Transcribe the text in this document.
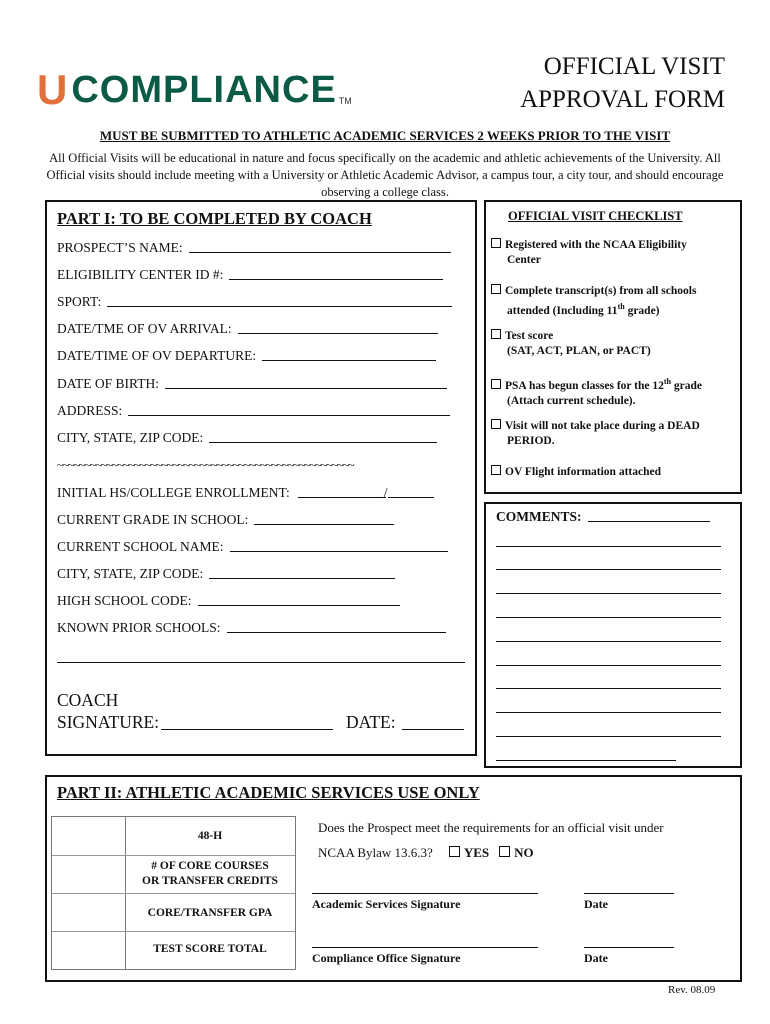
U COMPLIANCE TM
OFFICIAL VISIT
APPROVAL FORM
MUST BE SUBMITTED TO ATHLETIC ACADEMIC SERVICES 2 WEEKS PRIOR TO THE VISIT
All Official Visits will be educational in nature and focus specifically on the academic and athletic achievements of the University. All Official visits should include meeting with a University or Athletic Academic Advisor, a campus tour, a city tour, and should encourage observing a college class.
PART I: TO BE COMPLETED BY COACH
PROSPECT’S NAME:
ELIGIBILITY CENTER ID #:
SPORT:
DATE/TME OF OV ARRIVAL:
DATE/TIME OF OV DEPARTURE:
DATE OF BIRTH:
ADDRESS:
CITY, STATE, ZIP CODE:
~~~~~~~~~~~~~~~~~~~~~~~~~~~~~~~~~~~~~~~~~~~~~~~~~~~~~~
INITIAL HS/COLLEGE ENROLLMENT:	/
CURRENT GRADE IN SCHOOL:
CURRENT SCHOOL NAME:
CITY, STATE, ZIP CODE:
HIGH SCHOOL CODE:
KNOWN PRIOR SCHOOLS:
COACH
SIGNATURE:	DATE:
OFFICIAL VISIT CHECKLIST
Registered with the NCAA Eligibility
Center
Complete transcript(s) from all schools
attended (Including 11th grade)
Test score
(SAT, ACT, PLAN, or PACT)
PSA has begun classes for the 12th grade
(Attach current schedule).
Visit will not take place during a DEAD
PERIOD.
OV Flight information attached
COMMENTS:
PART II: ATHLETIC ACADEMIC SERVICES USE ONLY
48-H
# OF CORE COURSES
OR TRANSFER CREDITS
CORE/TRANSFER GPA
TEST SCORE TOTAL
Does the Prospect meet the requirements for an official visit under
NCAA Bylaw 13.6.3?	YES	NO
Academic Services Signature	Date
Compliance Office Signature	Date
Rev. 08.09
